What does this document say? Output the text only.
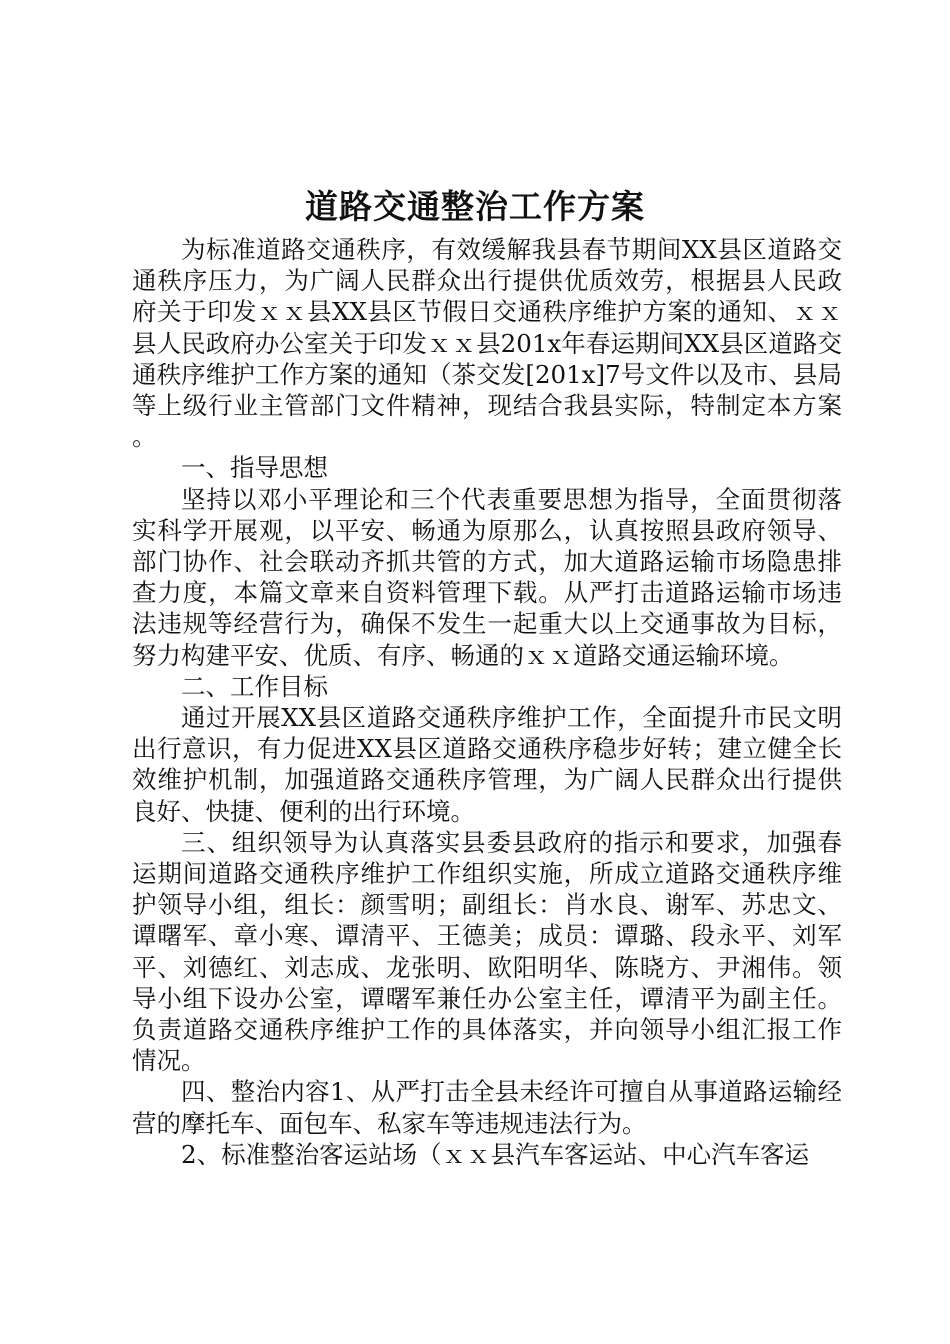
道路交通整治工作方案

为标准道路交通秩序，有效缓解我县春节期间XX县区道路交通秩序压力，为广阔人民群众出行提供优质效劳，根据县人民政府关于印发ｘｘ县XX县区节假日交通秩序维护方案的通知、ｘｘ县人民政府办公室关于印发ｘｘ县201x年春运期间XX县区道路交通秩序维护工作方案的通知（茶交发[201x]7号文件以及市、县局等上级行业主管部门文件精神，现结合我县实际，特制定本方案。

一、指导思想

坚持以邓小平理论和三个代表重要思想为指导，全面贯彻落实科学开展观，以平安、畅通为原那么，认真按照县政府领导、部门协作、社会联动齐抓共管的方式，加大道路运输市场隐患排查力度，本篇文章来自资料管理下载。从严打击道路运输市场违法违规等经营行为，确保不发生一起重大以上交通事故为目标，努力构建平安、优质、有序、畅通的ｘｘ道路交通运输环境。

二、工作目标

通过开展XX县区道路交通秩序维护工作，全面提升市民文明出行意识，有力促进XX县区道路交通秩序稳步好转；建立健全长效维护机制，加强道路交通秩序管理，为广阔人民群众出行提供良好、快捷、便利的出行环境。

三、组织领导为认真落实县委县政府的指示和要求，加强春运期间道路交通秩序维护工作组织实施，所成立道路交通秩序维护领导小组，组长：颜雪明；副组长：肖水良、谢军、苏忠文、谭曙军、章小寒、谭清平、王德美；成员：谭璐、段永平、刘军平、刘德红、刘志成、龙张明、欧阳明华、陈晓方、尹湘伟。领导小组下设办公室，谭曙军兼任办公室主任，谭清平为副主任。负责道路交通秩序维护工作的具体落实，并向领导小组汇报工作情况。

四、整治内容1、从严打击全县未经许可擅自从事道路运输经营的摩托车、面包车、私家车等违规违法行为。

2、标准整治客运站场（ｘｘ县汽车客运站、中心汽车客运
